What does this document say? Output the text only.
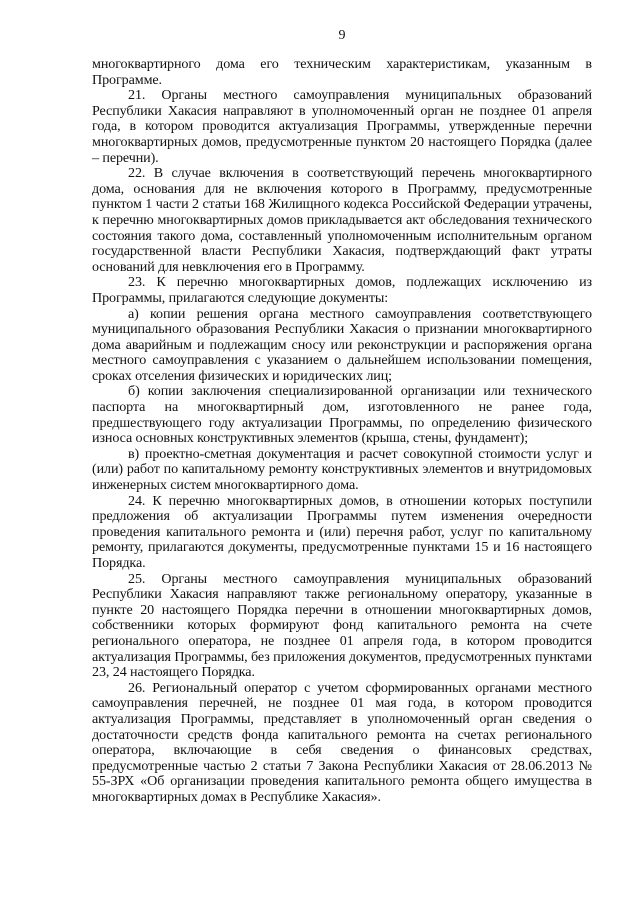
9

многоквартирного дома его техническим характеристикам, указанным в Программе.

21. Органы местного самоуправления муниципальных образований Республики Хакасия направляют в уполномоченный орган не позднее 01 апреля года, в котором проводится актуализация Программы, утвержденные перечни многоквартирных домов, предусмотренные пунктом 20 настоящего Порядка (далее – перечни).

22. В случае включения в соответствующий перечень многоквартирного дома, основания для не включения которого в Программу, предусмотренные пунктом 1 части 2 статьи 168 Жилищного кодекса Российской Федерации утрачены, к перечню многоквартирных домов прикладывается акт обследования технического состояния такого дома, составленный уполномоченным исполнительным органом государственной власти Республики Хакасия, подтверждающий факт утраты оснований для невключения его в Программу.

23. К перечню многоквартирных домов, подлежащих исключению из Программы, прилагаются следующие документы:

а) копии решения органа местного самоуправления соответствующего муниципального образования Республики Хакасия о признании многоквартирного дома аварийным и подлежащим сносу или реконструкции и распоряжения органа местного самоуправления с указанием о дальнейшем использовании помещения, сроках отселения физических и юридических лиц;

б) копии заключения специализированной организации или технического паспорта на многоквартирный дом, изготовленного не ранее года, предшествующего году актуализации Программы, по определению физического износа основных конструктивных элементов (крыша, стены, фундамент);

в) проектно-сметная документация и расчет совокупной стоимости услуг и (или) работ по капитальному ремонту конструктивных элементов и внутридомовых инженерных систем многоквартирного дома.

24. К перечню многоквартирных домов, в отношении которых поступили предложения об актуализации Программы путем изменения очередности проведения капитального ремонта и (или) перечня работ, услуг по капитальному ремонту, прилагаются документы, предусмотренные пунктами 15 и 16 настоящего Порядка.

25. Органы местного самоуправления муниципальных образований Республики Хакасия направляют также региональному оператору, указанные в пункте 20 настоящего Порядка перечни в отношении многоквартирных домов, собственники которых формируют фонд капитального ремонта на счете регионального оператора, не позднее 01 апреля года, в котором проводится актуализация Программы, без приложения документов, предусмотренных пунктами 23, 24 настоящего Порядка.

26. Региональный оператор с учетом сформированных органами местного самоуправления перечней, не позднее 01 мая года, в котором проводится актуализация Программы, представляет в уполномоченный орган сведения о достаточности средств фонда капитального ремонта на счетах регионального оператора, включающие в себя сведения о финансовых средствах, предусмотренные частью 2 статьи 7 Закона Республики Хакасия от 28.06.2013 № 55-ЗРХ «Об организации проведения капитального ремонта общего имущества в многоквартирных домах в Республике Хакасия».
